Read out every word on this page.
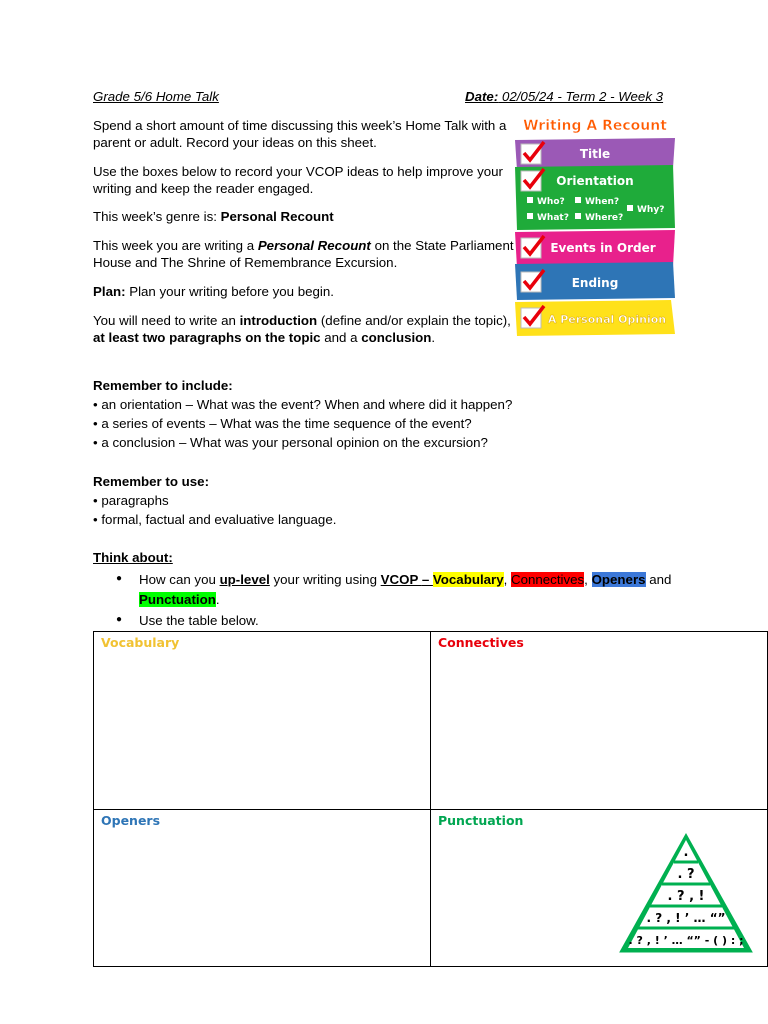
Grade 5/6 Home Talk	Date: 02/05/24 - Term 2 - Week 3
Spend a short amount of time discussing this week’s Home Talk with a
parent or adult. Record your ideas on this sheet.
Use the boxes below to record your VCOP ideas to help improve your
writing and keep the reader engaged.
This week’s genre is: Personal Recount
This week you are writing a Personal Recount on the State Parliament
House and The Shrine of Remembrance Excursion.
Plan: Plan your writing before you begin.
You will need to write an introduction (define and/or explain the topic),
at least two paragraphs on the topic and a conclusion.
Remember to include:
• an orientation – What was the event? When and where did it happen?
• a series of events – What was the time sequence of the event?
• a conclusion – What was your personal opinion on the excursion?
Remember to use:
• paragraphs
• formal, factual and evaluative language.
Think about:
● How can you up-level your writing using VCOP – Vocabulary, Connectives, Openers and
Punctuation.
● Use the table below.
Writing A Recount
Title
Orientation
Who? When?
What? Where?
Why?
Events in Order
Ending
A Personal Opinion
Vocabulary	Connectives
Openers	Punctuation
.
. ?
. ? , !
. ? , ! ’ … “”
. ? , ! ’ … “” - ( ) : ;
